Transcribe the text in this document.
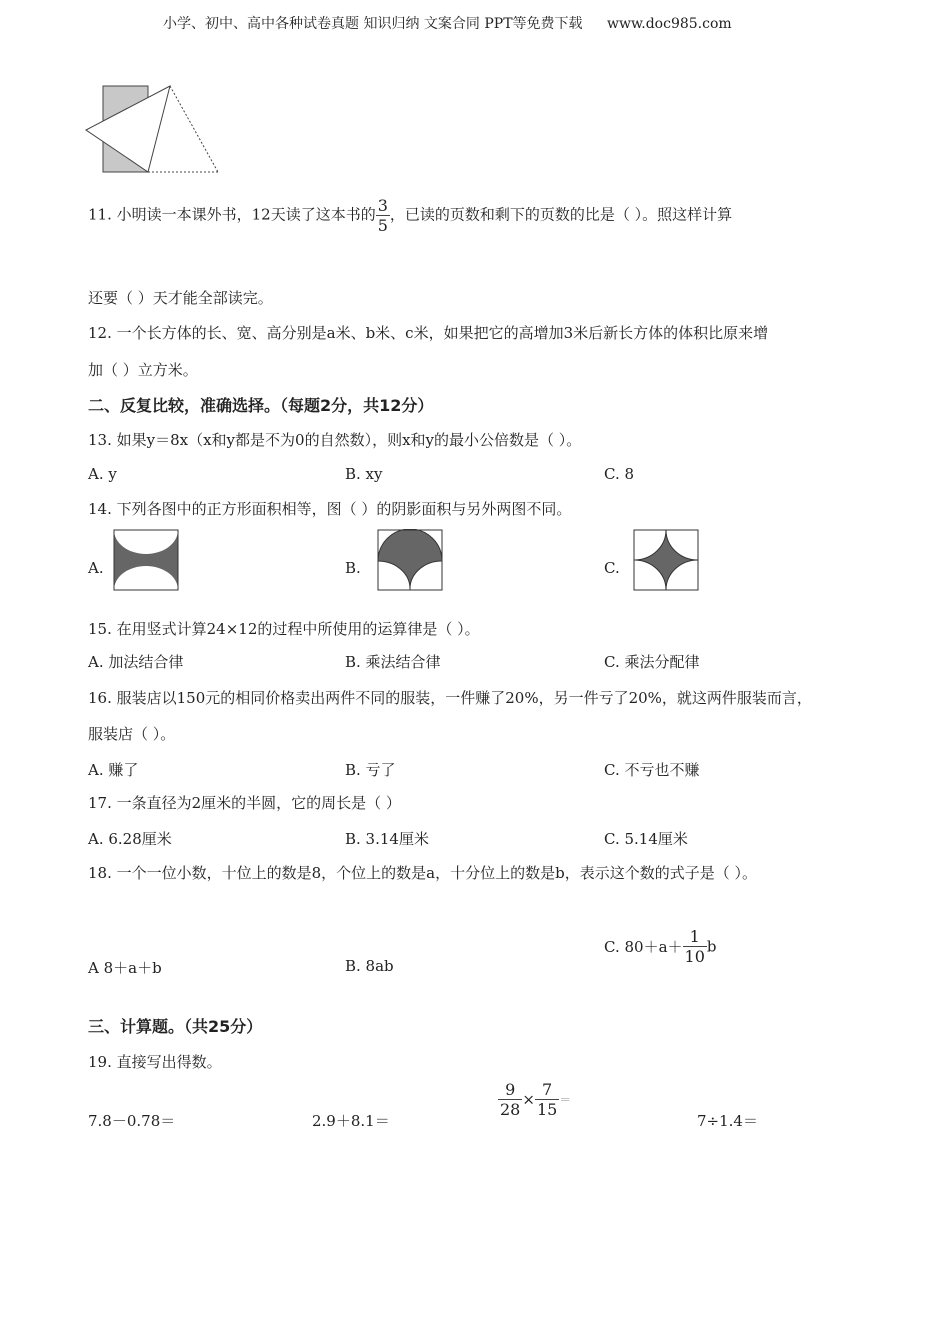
小学、初中、高中各种试卷真题 知识归纳 文案合同 PPT等免费下载 www.doc985.com
11. 小明读一本课外书，12天读了这本书的 $\frac{3}{5}$ ，已读的页数和剩下的页数的比是（ ）。照这样计算
还要（ ）天才能全部读完。
12. 一个长方体的长、宽、高分别是a米、b米、c米，如果把它的高增加3米后新长方体的体积比原来增
加（ ）立方米。
二、反复比较，准确选择。（每题2分，共12分）
13. 如果y＝8x（x和y都是不为0的自然数），则x和y的最小公倍数是（ ）。
A. y	B. xy	C. 8
14. 下列各图中的正方形面积相等，图（ ）的阴影面积与另外两图不同。
A.	B.	C.
15. 在用竖式计算24×12的过程中所使用的运算律是（ ）。
A. 加法结合律	B. 乘法结合律	C. 乘法分配律
16. 服装店以150元的相同价格卖出两件不同的服装，一件赚了20%，另一件亏了20%，就这两件服装而言，
服装店（ ）。
A. 赚了	B. 亏了	C. 不亏也不赚
17. 一条直径为2厘米的半圆，它的周长是（ ）
A. 6.28厘米	B. 3.14厘米	C. 5.14厘米
18. 一个一位小数，十位上的数是8，个位上的数是a，十分位上的数是b，表示这个数的式子是（ ）。
A 8＋a＋b	B. 8ab
C. $80+a+ \frac{1}{10}$ b
三、计算题。（共25分）
19. 直接写出得数。
7.8－0.78＝	2.9＋8.1＝
$\frac{9}{28} \times \frac{7}{15}$ ＝
7÷1.4＝
